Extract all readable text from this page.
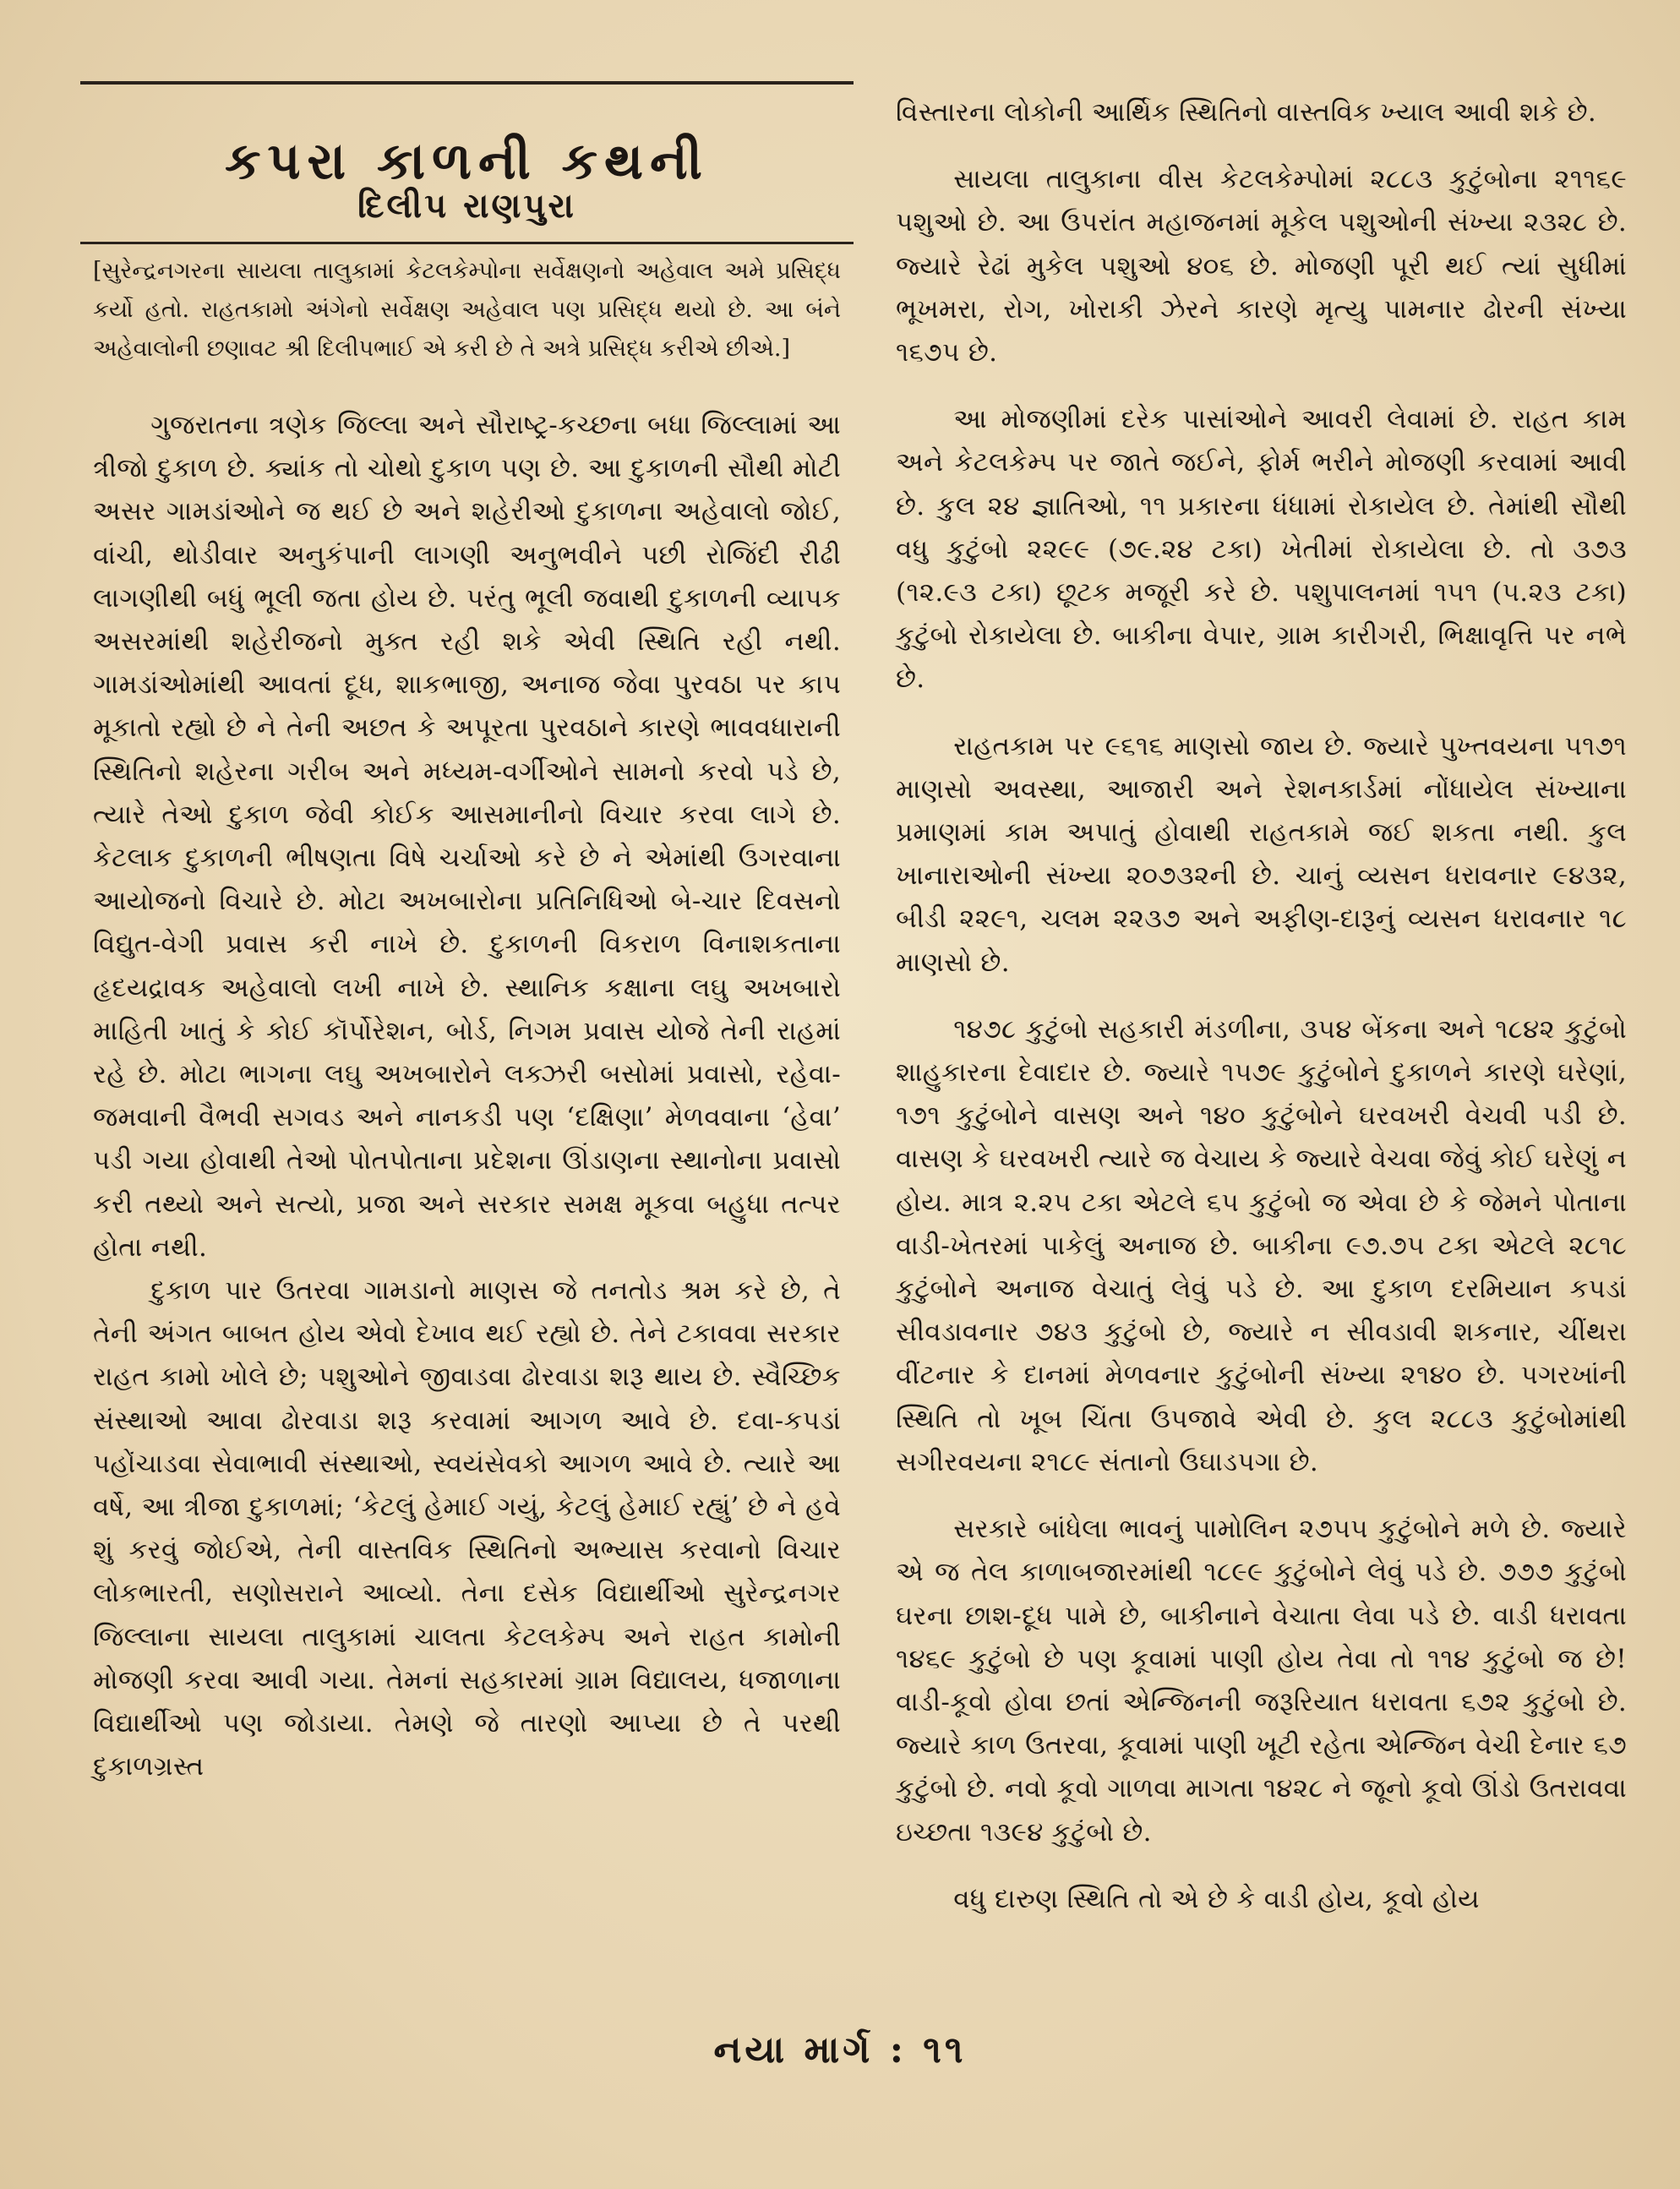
કપરા કાળની કથની
દિલીપ રાણપુરા
[સુરેન્દ્રનગરના સાયલા તાલુકામાં કેટલકેમ્પોના સર્વેક્ષણનો અહેવાલ અમે પ્રસિદ્ધ કર્યો હતો. રાહતકામો અંગેનો સર્વેક્ષણ અહેવાલ પણ પ્રસિદ્ધ થયો છે. આ બંને અહેવાલોની છણાવટ શ્રી દિલીપભાઈ એ કરી છે તે અત્રે પ્રસિદ્ધ કરીએ છીએ.]

ગુજરાતના ત્રણેક જિલ્લા અને સૌરાષ્ટ્ર-કચ્છના બધા જિલ્લામાં આ ત્રીજો દુકાળ છે. ક્યાંક તો ચોથો દુકાળ પણ છે. આ દુકાળની સૌથી મોટી અસર ગામડાંઓને જ થઈ છે અને શહેરીઓ દુકાળના અહેવાલો જોઈ, વાંચી, થોડીવાર અનુકંપાની લાગણી અનુભવીને પછી રોજિંદી રીઢી લાગણીથી બધું ભૂલી જતા હોય છે. પરંતુ ભૂલી જવાથી દુકાળની વ્યાપક અસરમાંથી શહેરીજનો મુક્ત રહી શકે એવી સ્થિતિ રહી નથી. ગામડાંઓમાંથી આવતાં દૂધ, શાકભાજી, અનાજ જેવા પુરવઠા પર કાપ મૂકાતો રહ્યો છે ને તેની અછત કે અપૂરતા પુરવઠાને કારણે ભાવવધારાની સ્થિતિનો શહેરના ગરીબ અને મધ્યમ-વર્ગીઓને સામનો કરવો પડે છે, ત્યારે તેઓ દુકાળ જેવી કોઈક આસમાનીનો વિચાર કરવા લાગે છે. કેટલાક દુકાળની ભીષણતા વિષે ચર્ચાઓ કરે છે ને એમાંથી ઉગરવાના આયોજનો વિચારે છે. મોટા અખબારોના પ્રતિનિધિઓ બે-ચાર દિવસનો વિદ્યુત-વેગી પ્રવાસ કરી નાખે છે. દુકાળની વિકરાળ વિનાશકતાના હૃદયદ્રાવક અહેવાલો લખી નાખે છે. સ્થાનિક કક્ષાના લઘુ અખબારો માહિતી ખાતું કે કોઈ કૉર્પોરેશન, બોર્ડ, નિગમ પ્રવાસ યોજે તેની રાહમાં રહે છે. મોટા ભાગના લઘુ અખબારોને લક્ઝરી બસોમાં પ્રવાસો, રહેવા-જમવાની વૈભવી સગવડ અને નાનકડી પણ ‘દક્ષિણા’ મેળવવાના ‘હેવા’ પડી ગયા હોવાથી તેઓ પોતપોતાના પ્રદેશના ઊંડાણના સ્થાનોના પ્રવાસો કરી તથ્યો અને સત્યો, પ્રજા અને સરકાર સમક્ષ મૂકવા બહુધા તત્પર હોતા નથી.

દુકાળ પાર ઉતરવા ગામડાનો માણસ જે તનતોડ શ્રમ કરે છે, તે તેની અંગત બાબત હોય એવો દેખાવ થઈ રહ્યો છે. તેને ટકાવવા સરકાર રાહત કામો ખોલે છે; પશુઓને જીવાડવા ઢોરવાડા શરૂ થાય છે. સ્વૈચ્છિક સંસ્થાઓ આવા ઢોરવાડા શરૂ કરવામાં આગળ આવે છે. દવા-કપડાં પહોંચાડવા સેવાભાવી સંસ્થાઓ, સ્વયંસેવકો આગળ આવે છે. ત્યારે આ વર્ષે, આ ત્રીજા દુકાળમાં; ‘કેટલું હેમાઈ ગયું, કેટલું હેમાઈ રહ્યું’ છે ને હવે શું કરવું જોઈએ, તેની વાસ્તવિક સ્થિતિનો અભ્યાસ કરવાનો વિચાર લોકભારતી, સણોસરાને આવ્યો. તેના દસેક વિદ્યાર્થીઓ સુરેન્દ્રનગર જિલ્લાના સાયલા તાલુકામાં ચાલતા કેટલકેમ્પ અને રાહત કામોની મોજણી કરવા આવી ગયા. તેમનાં સહકારમાં ગ્રામ વિદ્યાલય, ધજાળાના વિદ્યાર્થીઓ પણ જોડાયા. તેમણે જે તારણો આપ્યા છે તે પરથી દુકાળગ્રસ્ત

વિસ્તારના લોકોની આર્થિક સ્થિતિનો વાસ્તવિક ખ્યાલ આવી શકે છે.

સાયલા તાલુકાના વીસ કેટલકેમ્પોમાં ૨૮૮૩ કુટુંબોના ૨૧૧૬૯ પશુઓ છે. આ ઉપરાંત મહાજનમાં મૂકેલ પશુઓની સંખ્યા ૨૩૨૮ છે. જ્યારે રેઢાં મુકેલ પશુઓ ૪૦૬ છે. મોજણી પૂરી થઈ ત્યાં સુધીમાં ભૂખમરા, રોગ, ખોરાકી ઝેરને કારણે મૃત્યુ પામનાર ઢોરની સંખ્યા ૧૬૭૫ છે.

આ મોજણીમાં દરેક પાસાંઓને આવરી લેવામાં છે. રાહત કામ અને કેટલકેમ્પ પર જાતે જઈને, ફોર્મ ભરીને મોજણી કરવામાં આવી છે. કુલ ૨૪ જ્ઞાતિઓ, ૧૧ પ્રકારના ધંધામાં રોકાયેલ છે. તેમાંથી સૌથી વધુ કુટુંબો ૨૨૯૯ (૭૯.૨૪ ટકા) ખેતીમાં રોકાયેલા છે. તો ૩૭૩ (૧૨.૯૩ ટકા) છૂટક મજૂરી કરે છે. પશુપાલનમાં ૧૫૧ (૫.૨૩ ટકા) કુટુંબો રોકાયેલા છે. બાકીના વેપાર, ગ્રામ કારીગરી, ભિક્ષાવૃત્તિ પર નભે છે.

રાહતકામ પર ૯૬૧૬ માણસો જાય છે. જ્યારે પુખ્તવયના ૫૧૭૧ માણસો અવસ્થા, આજારી અને રેશનકાર્ડમાં નોંધાયેલ સંખ્યાના પ્રમાણમાં કામ અપાતું હોવાથી રાહતકામે જઈ શકતા નથી. કુલ ખાનારાઓની સંખ્યા ૨૦૭૩૨ની છે. ચાનું વ્યસન ધરાવનાર ૯૪૩૨, બીડી ૨૨૯૧, ચલમ ૨૨૩૭ અને અફીણ-દારૂનું વ્યસન ધરાવનાર ૧૮ માણસો છે.

૧૪૭૮ કુટુંબો સહકારી મંડળીના, ૩૫૪ બેંકના અને ૧૮૪૨ કુટુંબો શાહુકારના દેવાદાર છે. જ્યારે ૧૫૭૯ કુટુંબોને દુકાળને કારણે ઘરેણાં, ૧૭૧ કુટુંબોને વાસણ અને ૧૪૦ કુટુંબોને ઘરવખરી વેચવી પડી છે. વાસણ કે ઘરવખરી ત્યારે જ વેચાય કે જ્યારે વેચવા જેવું કોઈ ઘરેણું ન હોય. માત્ર ૨.૨૫ ટકા એટલે ૬૫ કુટુંબો જ એવા છે કે જેમને પોતાના વાડી-ખેતરમાં પાકેલું અનાજ છે. બાકીના ૯૭.૭૫ ટકા એટલે ૨૮૧૮ કુટુંબોને અનાજ વેચાતું લેવું પડે છે. આ દુકાળ દરમિયાન કપડાં સીવડાવનાર ૭૪૩ કુટુંબો છે, જ્યારે ન સીવડાવી શકનાર, ચીંથરા વીંટનાર કે દાનમાં મેળવનાર કુટુંબોની સંખ્યા ૨૧૪૦ છે. પગરખાંની સ્થિતિ તો ખૂબ ચિંતા ઉપજાવે એવી છે. કુલ ૨૮૮૩ કુટુંબોમાંથી સગીરવયના ૨૧૮૯ સંતાનો ઉઘાડપગા છે.

સરકારે બાંધેલા ભાવનું પામોલિન ૨૭૫૫ કુટુંબોને મળે છે. જ્યારે એ જ તેલ કાળાબજારમાંથી ૧૮૯૯ કુટુંબોને લેવું પડે છે. ૭૭૭ કુટુંબો ઘરના છાશ-દૂધ પામે છે, બાકીનાને વેચાતા લેવા પડે છે. વાડી ધરાવતા ૧૪૬૯ કુટુંબો છે પણ કૂવામાં પાણી હોય તેવા તો ૧૧૪ કુટુંબો જ છે! વાડી-કૂવો હોવા છતાં એન્જિનની જરૂરિયાત ધરાવતા ૬૭૨ કુટુંબો છે. જ્યારે કાળ ઉતરવા, કૂવામાં પાણી ખૂટી રહેતા એન્જિન વેચી દેનાર ૬૭ કુટુંબો છે. નવો કૂવો ગાળવા માગતા ૧૪૨૮ ને જૂનો કૂવો ઊંડો ઉતરાવવા ઇચ્છતા ૧૩૯૪ કુટુંબો છે.

વધુ દારુણ સ્થિતિ તો એ છે કે વાડી હોય, કૂવો હોય

નયા માર્ગ : ૧૧
